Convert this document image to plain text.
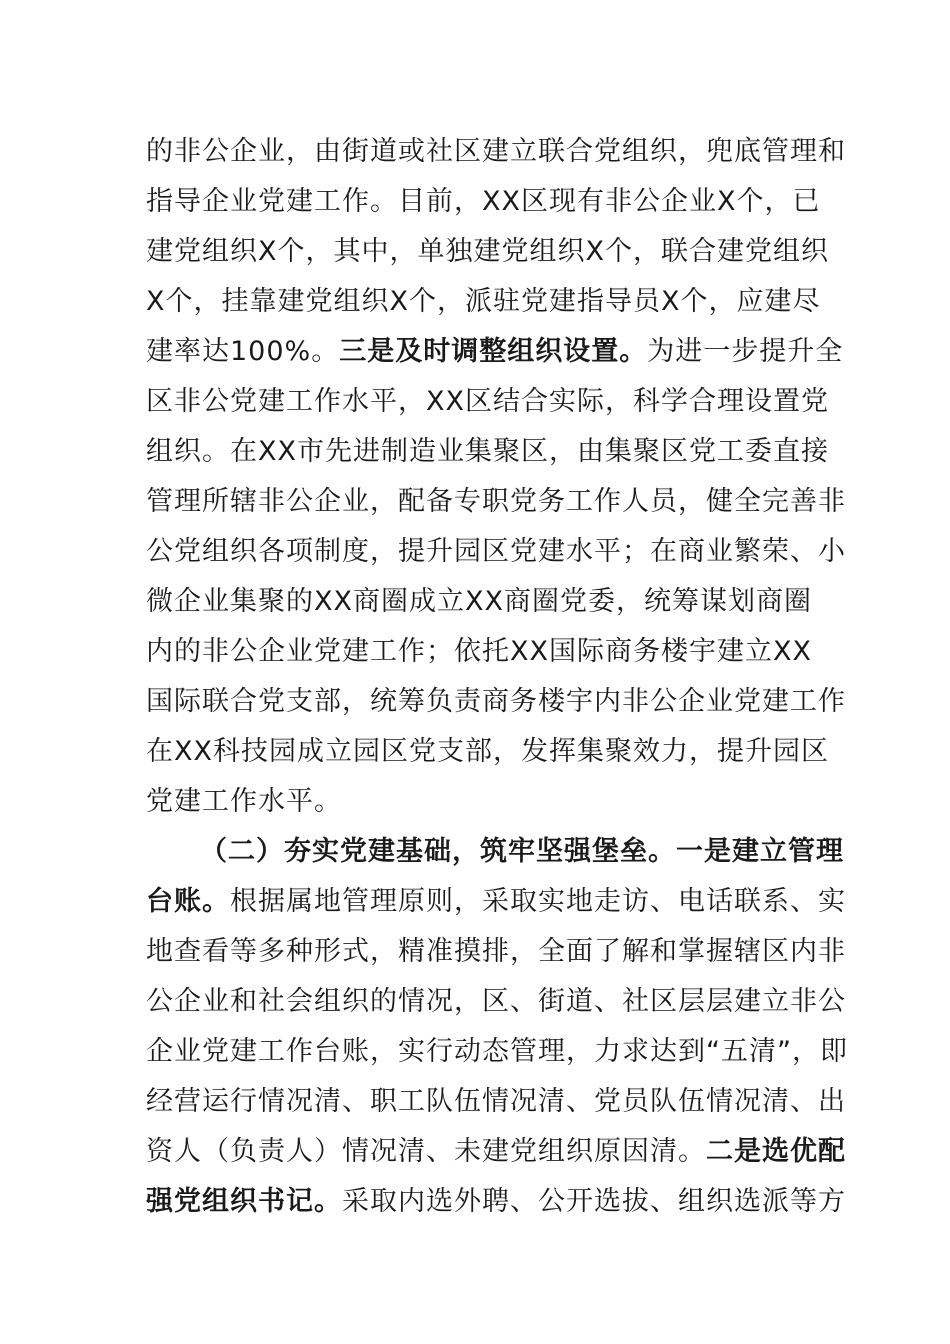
的非公企业，由街道或社区建立联合党组织，兜底管理和
指导企业党建工作。目前，XX区现有非公企业X个，已
建党组织X个，其中，单独建党组织X个，联合建党组织
X个，挂靠建党组织X个，派驻党建指导员X个，应建尽
建率达100%。三是及时调整组织设置。为进一步提升全
区非公党建工作水平，XX区结合实际，科学合理设置党
组织。在XX市先进制造业集聚区，由集聚区党工委直接
管理所辖非公企业，配备专职党务工作人员，健全完善非
公党组织各项制度，提升园区党建水平；在商业繁荣、小
微企业集聚的XX商圈成立XX商圈党委，统筹谋划商圈
内的非公企业党建工作；依托XX国际商务楼宇建立XX
国际联合党支部，统筹负责商务楼宇内非公企业党建工作
在XX科技园成立园区党支部，发挥集聚效力，提升园区
党建工作水平。
（二）夯实党建基础，筑牢坚强堡垒。一是建立管理
台账。根据属地管理原则，采取实地走访、电话联系、实
地查看等多种形式，精准摸排，全面了解和掌握辖区内非
公企业和社会组织的情况，区、街道、社区层层建立非公
企业党建工作台账，实行动态管理，力求达到“五清”，即
经营运行情况清、职工队伍情况清、党员队伍情况清、出
资人（负责人）情况清、未建党组织原因清。二是选优配
强党组织书记。采取内选外聘、公开选拔、组织选派等方
